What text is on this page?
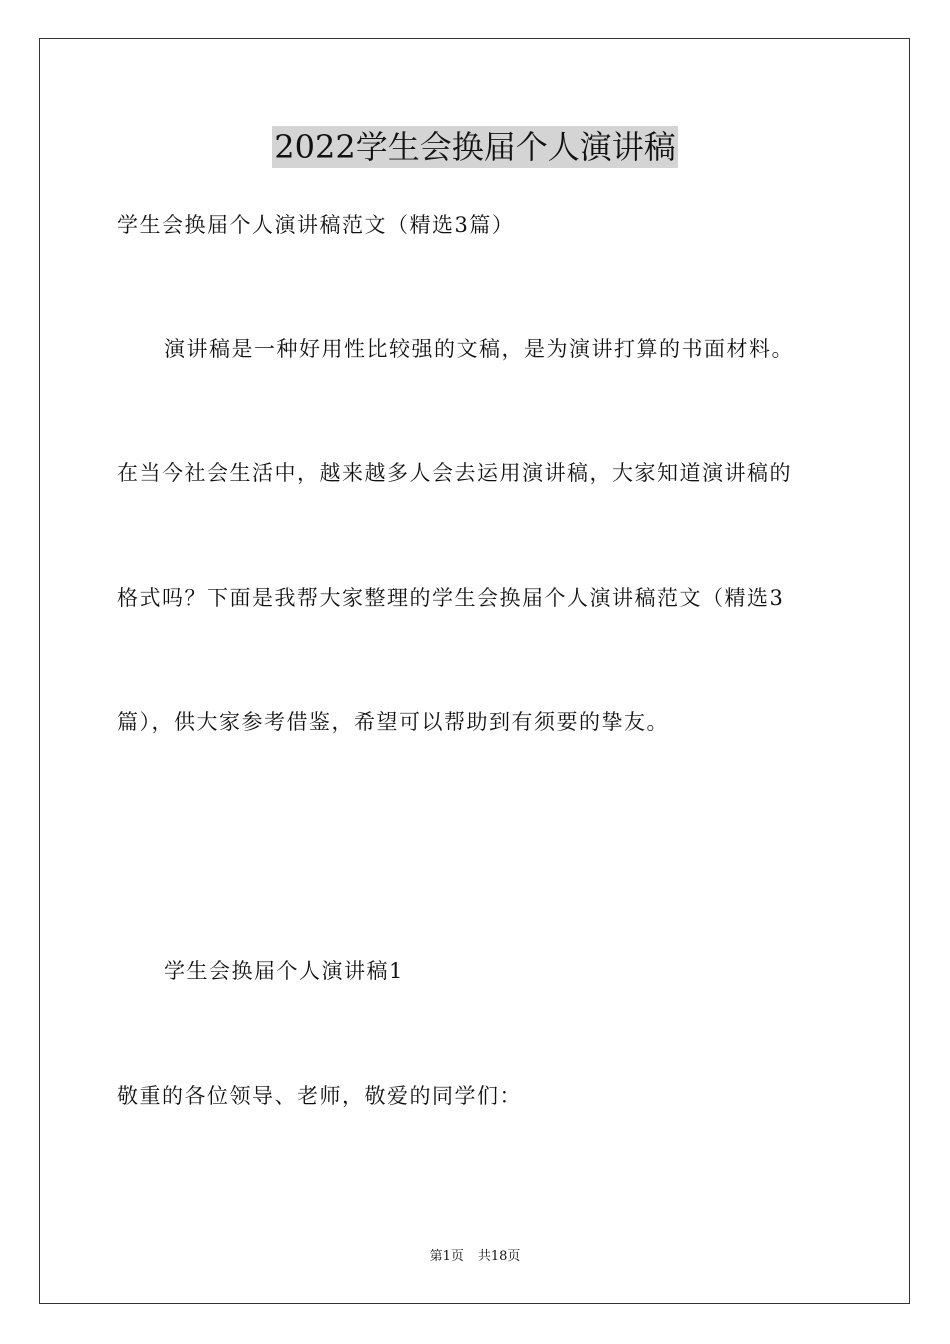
2022学生会换届个人演讲稿
学生会换届个人演讲稿范文（精选3篇）
演讲稿是一种好用性比较强的文稿，是为演讲打算的书面材料。
在当今社会生活中，越来越多人会去运用演讲稿，大家知道演讲稿的
格式吗？下面是我帮大家整理的学生会换届个人演讲稿范文（精选3
篇），供大家参考借鉴，希望可以帮助到有须要的挚友。
学生会换届个人演讲稿1
敬重的各位领导、老师，敬爱的同学们：
第1页 共18页
